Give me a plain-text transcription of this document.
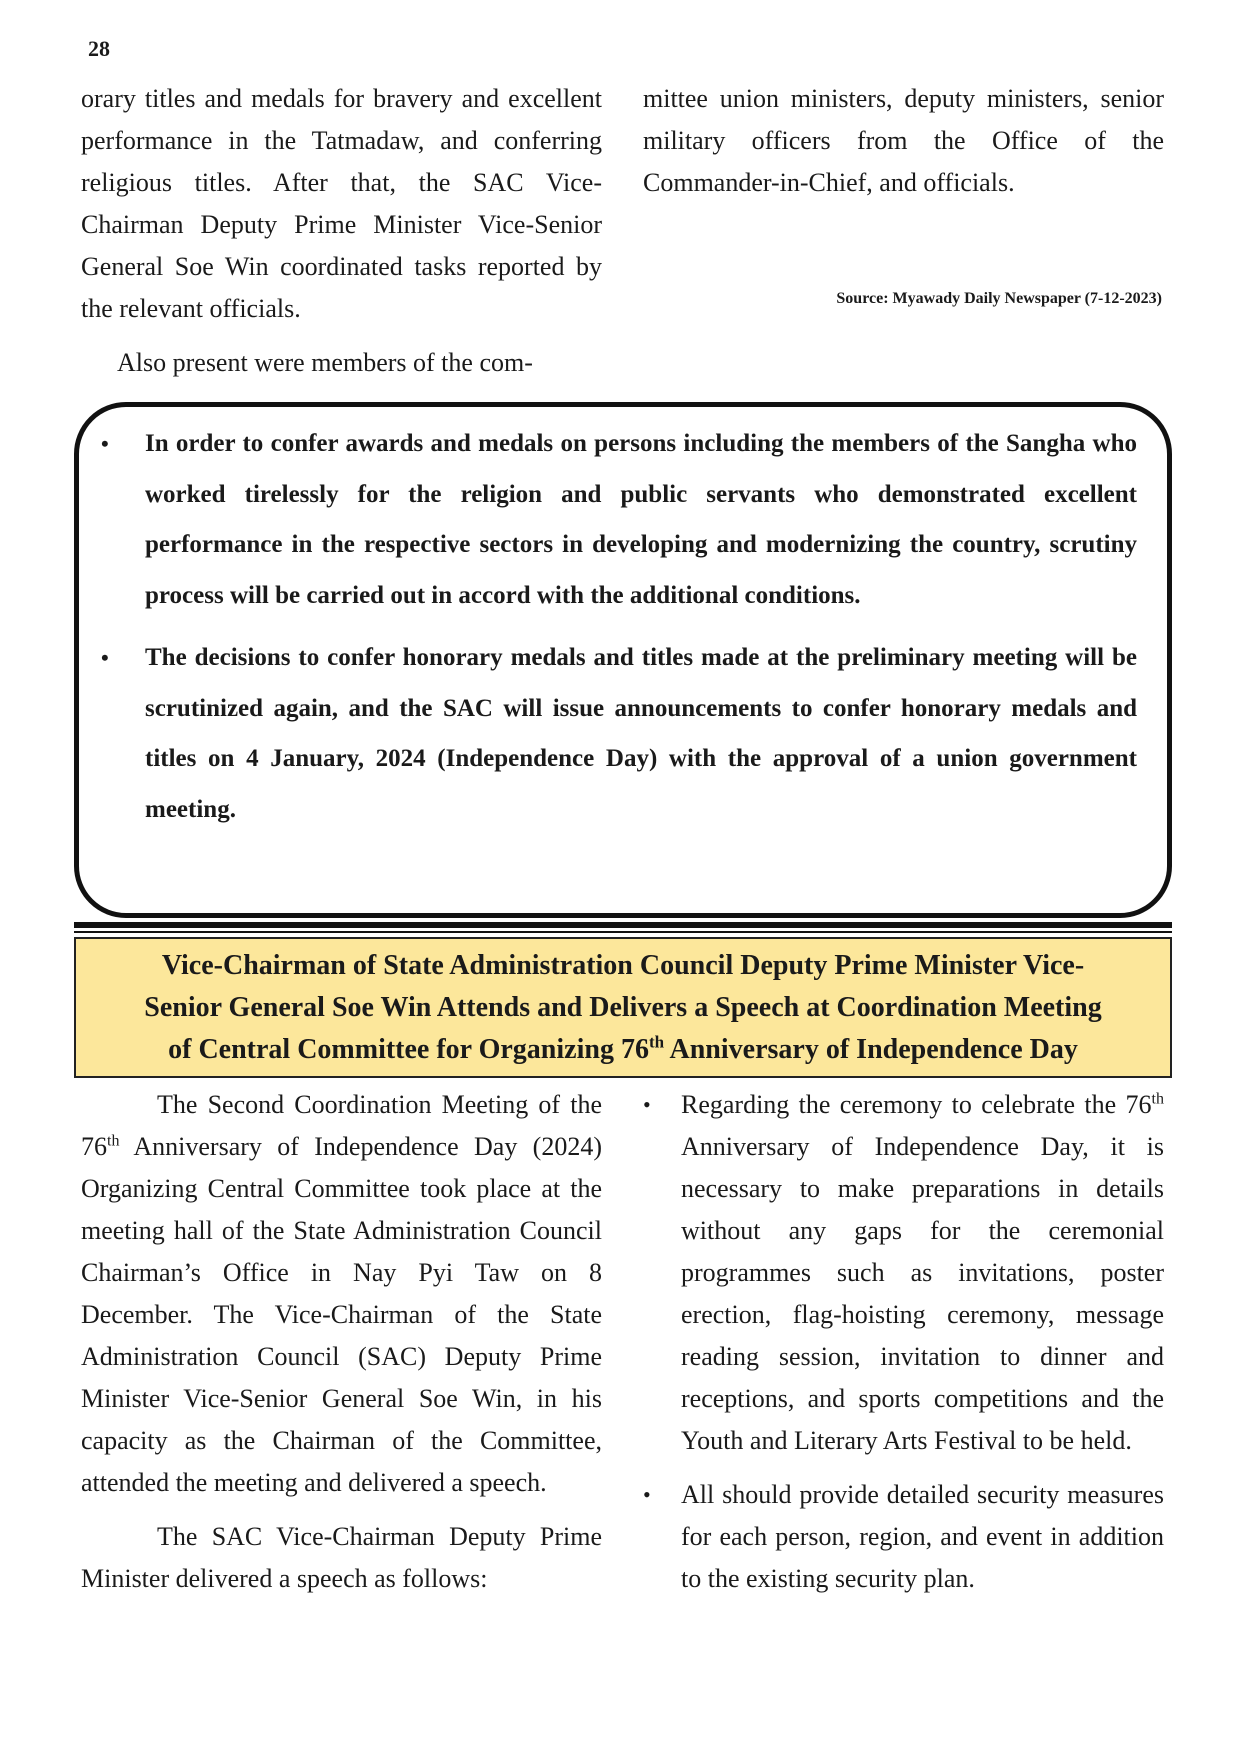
28

orary titles and medals for bravery and excellent performance in the Tatmadaw, and conferring religious titles. After that, the SAC Vice-Chairman Deputy Prime Minister Vice-Senior General Soe Win coordinated tasks reported by the relevant officials.

Also present were members of the com-

mittee union ministers, deputy ministers, senior military officers from the Office of the Commander-in-Chief, and officials.

Source: Myawady Daily Newspaper (7-12-2023)
• In order to confer awards and medals on persons including the members of the Sangha who worked tirelessly for the religion and public servants who demonstrated excellent performance in the respective sectors in developing and modernizing the country, scrutiny process will be carried out in accord with the additional conditions.
• The decisions to confer honorary medals and titles made at the preliminary meeting will be scrutinized again, and the SAC will issue announcements to confer honorary medals and titles on 4 January, 2024 (Independence Day) with the approval of a union government meeting.
Vice-Chairman of State Administration Council Deputy Prime Minister Vice-
Senior General Soe Win Attends and Delivers a Speech at Coordination Meeting
of Central Committee for Organizing 76th Anniversary of Independence Day

The Second Coordination Meeting of the 76th Anniversary of Independence Day (2024) Organizing Central Committee took place at the meeting hall of the State Administration Council Chairman’s Office in Nay Pyi Taw on 8 December. The Vice-Chairman of the State Administration Council (SAC) Deputy Prime Minister Vice-Senior General Soe Win, in his capacity as the Chairman of the Committee, attended the meeting and delivered a speech.

The SAC Vice-Chairman Deputy Prime Minister delivered a speech as follows:

• Regarding the ceremony to celebrate the 76th Anniversary of Independence Day, it is necessary to make preparations in details without any gaps for the ceremonial programmes such as invitations, poster erection, flag-hoisting ceremony, message reading session, invitation to dinner and receptions, and sports competitions and the Youth and Literary Arts Festival to be held.
• All should provide detailed security measures for each person, region, and event in addition to the existing security plan.
